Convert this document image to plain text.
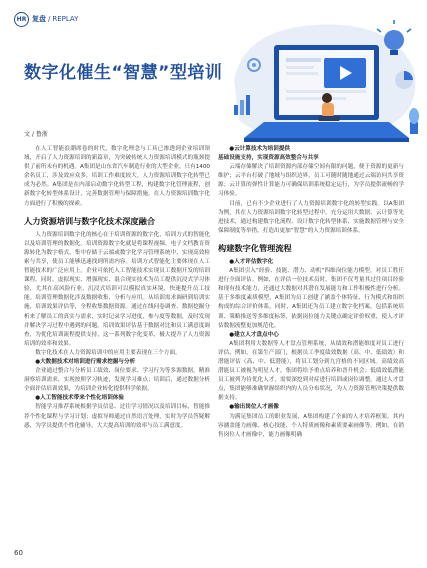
HR 复盘 / REPLAY
数字化催生“智慧”型培训
文 / 鲁浙

在人工智能浪潮席卷的时代，数字化理念与工具已渗透到企业培训领域，开启了人力资源培训的新篇章，为突破传统人力资源培训模式的瓶颈提供了前所未有的机遇。A集团是山东省汽车制造行业的大型企业，只有1400余名员工，涉及效应众多，培训工作难度较大。人力资源培训数字化转型已成为必然。A集团是在内部启动数字化转型工程，构建数字化管理流程，创新数字化转型体系设计，完善数据管理与保障措施。在人力资源培训数字化方面进行了积极的探索。

人力资源培训与数字化技术深度融合

人力资源培训数字化的核心在于培训资源的数字化，培训方式的智能化以及培训管理的数据化。培训资源数字化就是将课程视频、电子文档教育资源转化为数字格式，集中存储于云端或数字化学习管理系统中，实现高效检索与共享，使员工能够迅速找到所需内容。培训方式智能化主要体现在人工智能技术的广泛应用上。企业可依托人工智能技术实现员工数据开发的培训课程。同时，虚拟现实、增强现实、混合现实技术为员工提供沉浸式学习体验，尤其在高风险行业，沉浸式培训可以模拟真实环境，快速提升员工技能。培训管理数据化涉及数据收集、分析与应用。从培训需求调研到培训实施，培训效果评估等，全程收集数据资源。通过在线问卷调查、数据挖掘分析来了解员工的真实与需求，实时记录学习进度，参与度等数据，及时发现并解决学习过程中遇到的问题。培训效果评估基于数据对比和员工满意度调查，为优化培训流程提供支持，这一系列数字化变革，极大提升了人力资源培训的效率和效果。

数字化技术在人力资源培训中的应用主要表现在三个方面。

●大数据技术对培训进行需求挖掘与分析

企业通过整合与分析员工绩效、岗位要求、学习行为等多源数据，精准洞察培训需求，实现按照学习轨迹，发现学习难点；培训后，通过数据分析全面评估培训效果，为培训企业转化提供科学依据。

●人工智能技术带来个性化培训体验

智能学习推荐系统根据学员信息、过往学习情况以及培训目标，智能推荐个性化课程与学习计划；虚拟导师通过自然语言处理，实时为学员答疑解惑，为学员提供个性化辅导，大大提高培训的效率与员工满意度。

●云计算技术为培训提供

基础设施支持，实现资源高效整合与共享

云端存储解决了培训资源内部存储空间有限的问题，便于资源的更新与维护；云平台打破了地域与组织边界，员工可随时随地通过云端访问共享资源；云计算的弹性计算能力可确保培训系统稳定运行，为学员提供流畅的学习体验。

目前，已有不少企业进行了人力资源培训数字化的转型实践。以A集团为例，其在人力资源培训数字化转型过程中，充分运用大数据、云计算等先进技术，通过构建数字化流程、设计数字化转型体系、实施数据管理与安全保障制度等举措，打造出更加“智慧”的人力资源培训体系。

构建数字化管理流程

●人才评估数字化

A集团引入“经验、技能、潜力、动机”四维岗位能力模型，对员工胜任进行全面评估。例如，在评估一位技术员时，集团不仅考量其过往项目经验和现有技术能力，还通过大数据对其潜在发展能力和工作积极性进行分析。基于多维度素质模型，A集团为员工创建了涵盖个体特征、行为模式和组织构成的综合评价体系。同时，A集团还为员工建立数字化档案，包括系统培训、策略推送等多维度标签，依据岗位能力关键点确定评价权重，使人才评估数据流整更加规范化。

●建立人才盘点中心

A集团利用大数据等人才盘点管理系统，从绩效和潜能维度对员工进行评估。例如，在第生产部门，根据员工季度绩效数据（高、中、低绩效）和潜能评估（高、中、低潜能），将员工划分到九宫格的不同区域。高绩效高潜能员工被视为明星人才，集团将给予重点培养和晋升机会；低绩效低潜能员工被列为待优化人才，需要深挖到对症进行培训或岗位调整。通过人才盘点，集团能够准确掌握组织内的人员分布状况，为人力资源管理决策提供数据支持。

●输出岗位人才画像

为满足集团员工的职业发展，A集团构建了全面的人才培养框架。其内容涵盖能力画像、核心技能、个人特质画像和素质要素画像等。例如，在销售岗位人才画像中，能力画像明确

60
